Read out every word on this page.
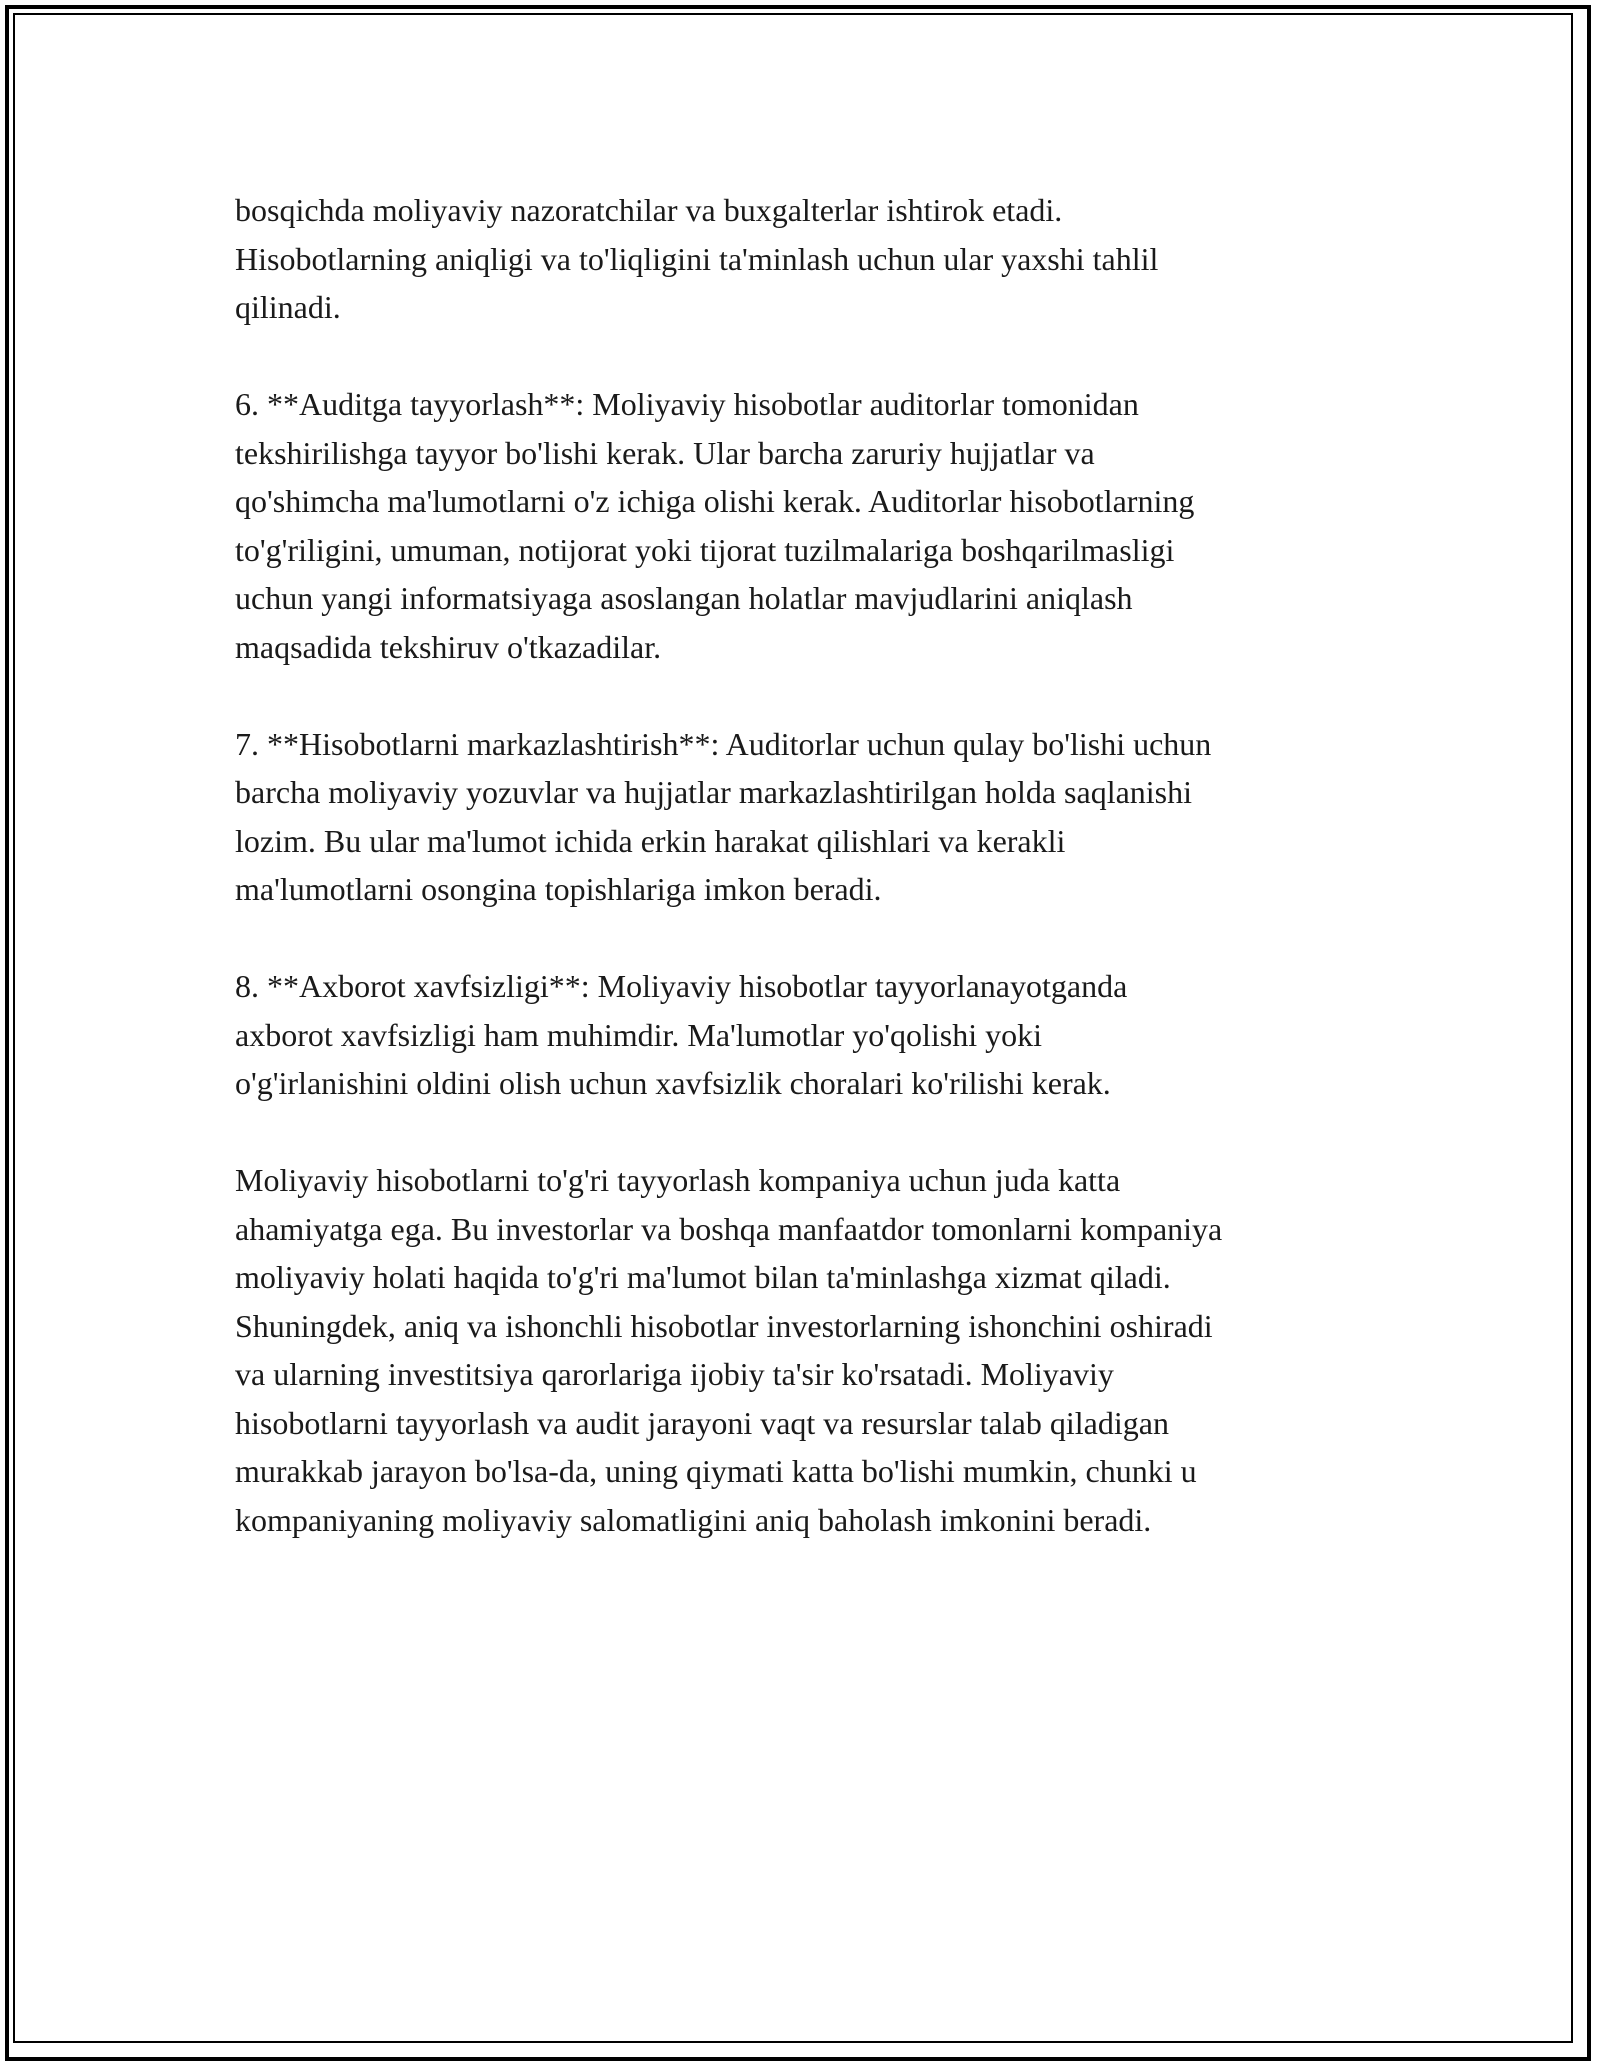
bosqichda moliyaviy nazoratchilar va buxgalterlar ishtirok etadi.
Hisobotlarning aniqligi va to'liqligini ta'minlash uchun ular yaxshi tahlil
qilinadi.

6. **Auditga tayyorlash**: Moliyaviy hisobotlar auditorlar tomonidan
tekshirilishga tayyor bo'lishi kerak. Ular barcha zaruriy hujjatlar va
qo'shimcha ma'lumotlarni o'z ichiga olishi kerak. Auditorlar hisobotlarning
to'g'riligini, umuman, notijorat yoki tijorat tuzilmalariga boshqarilmasligi
uchun yangi informatsiyaga asoslangan holatlar mavjudlarini aniqlash
maqsadida tekshiruv o'tkazadilar.

7. **Hisobotlarni markazlashtirish**: Auditorlar uchun qulay bo'lishi uchun
barcha moliyaviy yozuvlar va hujjatlar markazlashtirilgan holda saqlanishi
lozim. Bu ular ma'lumot ichida erkin harakat qilishlari va kerakli
ma'lumotlarni osongina topishlariga imkon beradi.

8. **Axborot xavfsizligi**: Moliyaviy hisobotlar tayyorlanayotganda
axborot xavfsizligi ham muhimdir. Ma'lumotlar yo'qolishi yoki
o'g'irlanishini oldini olish uchun xavfsizlik choralari ko'rilishi kerak.

Moliyaviy hisobotlarni to'g'ri tayyorlash kompaniya uchun juda katta
ahamiyatga ega. Bu investorlar va boshqa manfaatdor tomonlarni kompaniya
moliyaviy holati haqida to'g'ri ma'lumot bilan ta'minlashga xizmat qiladi.
Shuningdek, aniq va ishonchli hisobotlar investorlarning ishonchini oshiradi
va ularning investitsiya qarorlariga ijobiy ta'sir ko'rsatadi. Moliyaviy
hisobotlarni tayyorlash va audit jarayoni vaqt va resurslar talab qiladigan
murakkab jarayon bo'lsa-da, uning qiymati katta bo'lishi mumkin, chunki u
kompaniyaning moliyaviy salomatligini aniq baholash imkonini beradi.
